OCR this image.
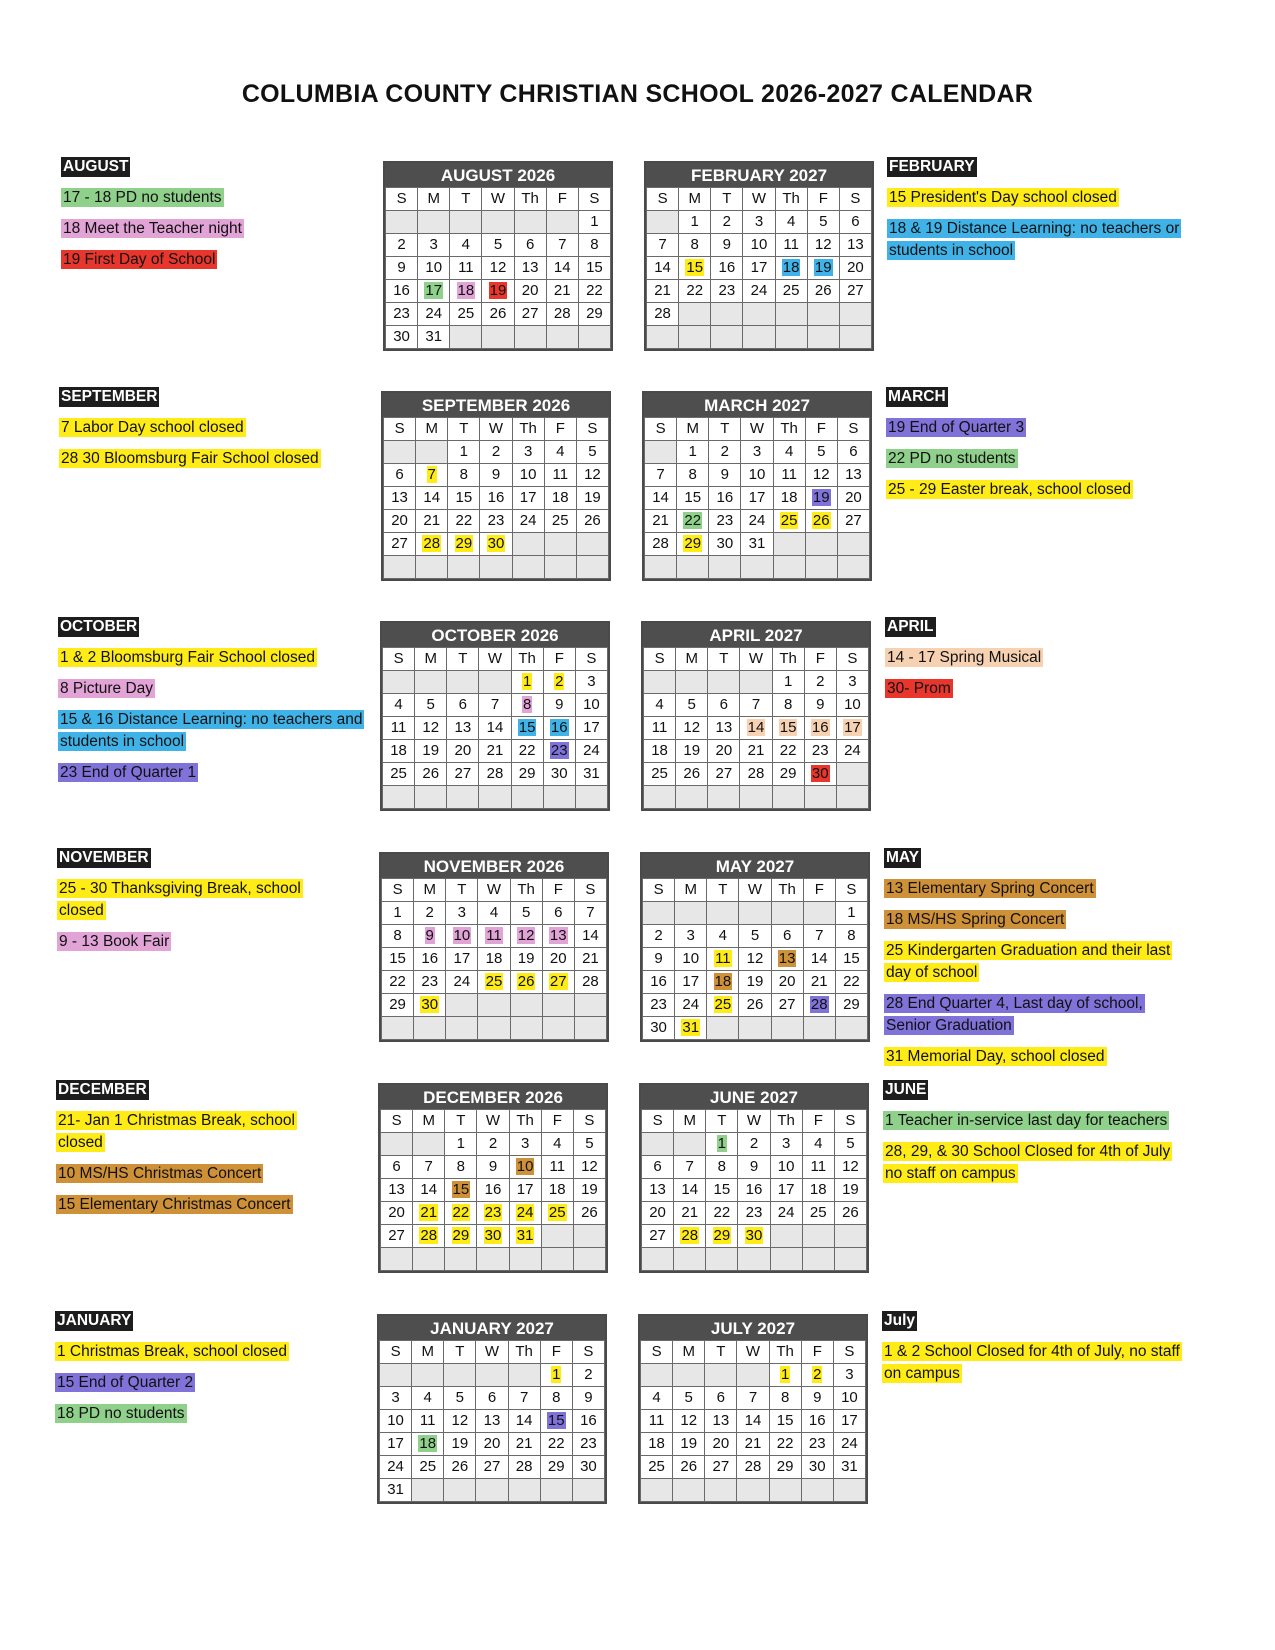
COLUMBIA COUNTY CHRISTIAN SCHOOL 2026-2027 CALENDAR
AUGUST 2026
S	M	T	W	Th	F	S
						1
2	3	4	5	6	7	8
9	10	11	12	13	14	15
16	17	18	19	20	21	22
23	24	25	26	27	28	29
30	31					
FEBRUARY 2027
S	M	T	W	Th	F	S
	1	2	3	4	5	6
7	8	9	10	11	12	13
14	15	16	17	18	19	20
21	22	23	24	25	26	27
28						

SEPTEMBER 2026
S	M	T	W	Th	F	S
		1	2	3	4	5
6	7	8	9	10	11	12
13	14	15	16	17	18	19
20	21	22	23	24	25	26
27	28	29	30			

MARCH 2027
S	M	T	W	Th	F	S
	1	2	3	4	5	6
7	8	9	10	11	12	13
14	15	16	17	18	19	20
21	22	23	24	25	26	27
28	29	30	31			

OCTOBER 2026
S	M	T	W	Th	F	S
				1	2	3
4	5	6	7	8	9	10
11	12	13	14	15	16	17
18	19	20	21	22	23	24
25	26	27	28	29	30	31

APRIL 2027
S	M	T	W	Th	F	S
				1	2	3
4	5	6	7	8	9	10
11	12	13	14	15	16	17
18	19	20	21	22	23	24
25	26	27	28	29	30	

NOVEMBER 2026
S	M	T	W	Th	F	S
1	2	3	4	5	6	7
8	9	10	11	12	13	14
15	16	17	18	19	20	21
22	23	24	25	26	27	28
29	30					

MAY 2027
S	M	T	W	Th	F	S
						1
2	3	4	5	6	7	8
9	10	11	12	13	14	15
16	17	18	19	20	21	22
23	24	25	26	27	28	29
30	31					
DECEMBER 2026
S	M	T	W	Th	F	S
		1	2	3	4	5
6	7	8	9	10	11	12
13	14	15	16	17	18	19
20	21	22	23	24	25	26
27	28	29	30	31		

JUNE 2027
S	M	T	W	Th	F	S
		1	2	3	4	5
6	7	8	9	10	11	12
13	14	15	16	17	18	19
20	21	22	23	24	25	26
27	28	29	30			

JANUARY 2027
S	M	T	W	Th	F	S
					1	2
3	4	5	6	7	8	9
10	11	12	13	14	15	16
17	18	19	20	21	22	23
24	25	26	27	28	29	30
31						
JULY 2027
S	M	T	W	Th	F	S
				1	2	3
4	5	6	7	8	9	10
11	12	13	14	15	16	17
18	19	20	21	22	23	24
25	26	27	28	29	30	31

AUGUST
17 - 18 PD no students
18 Meet the Teacher night
19 First Day of School
FEBRUARY
15 President's Day school closed
18 & 19 Distance Learning: no teachers or students in school
SEPTEMBER
7 Labor Day school closed
28 30 Bloomsburg Fair School closed
MARCH
19 End of Quarter 3
22 PD no students
25 - 29 Easter break, school closed
OCTOBER
1 & 2 Bloomsburg Fair School closed
8 Picture Day
15 & 16 Distance Learning: no teachers and students in school
23 End of Quarter 1
APRIL
14 - 17 Spring Musical
30- Prom
NOVEMBER
25 - 30 Thanksgiving Break, school closed
9 - 13 Book Fair
MAY
13 Elementary Spring Concert
18 MS/HS Spring Concert
25 Kindergarten Graduation and their last day of school
28 End Quarter 4, Last day of school, Senior Graduation
31 Memorial Day, school closed
DECEMBER
21- Jan 1 Christmas Break, school closed
10 MS/HS Christmas Concert
15 Elementary Christmas Concert
JUNE
1 Teacher in-service last day for teachers
28, 29, & 30 School Closed for 4th of July no staff on campus
JANUARY
1 Christmas Break, school closed
15 End of Quarter 2
18 PD no students
July
1 & 2 School Closed for 4th of July, no staff on campus
